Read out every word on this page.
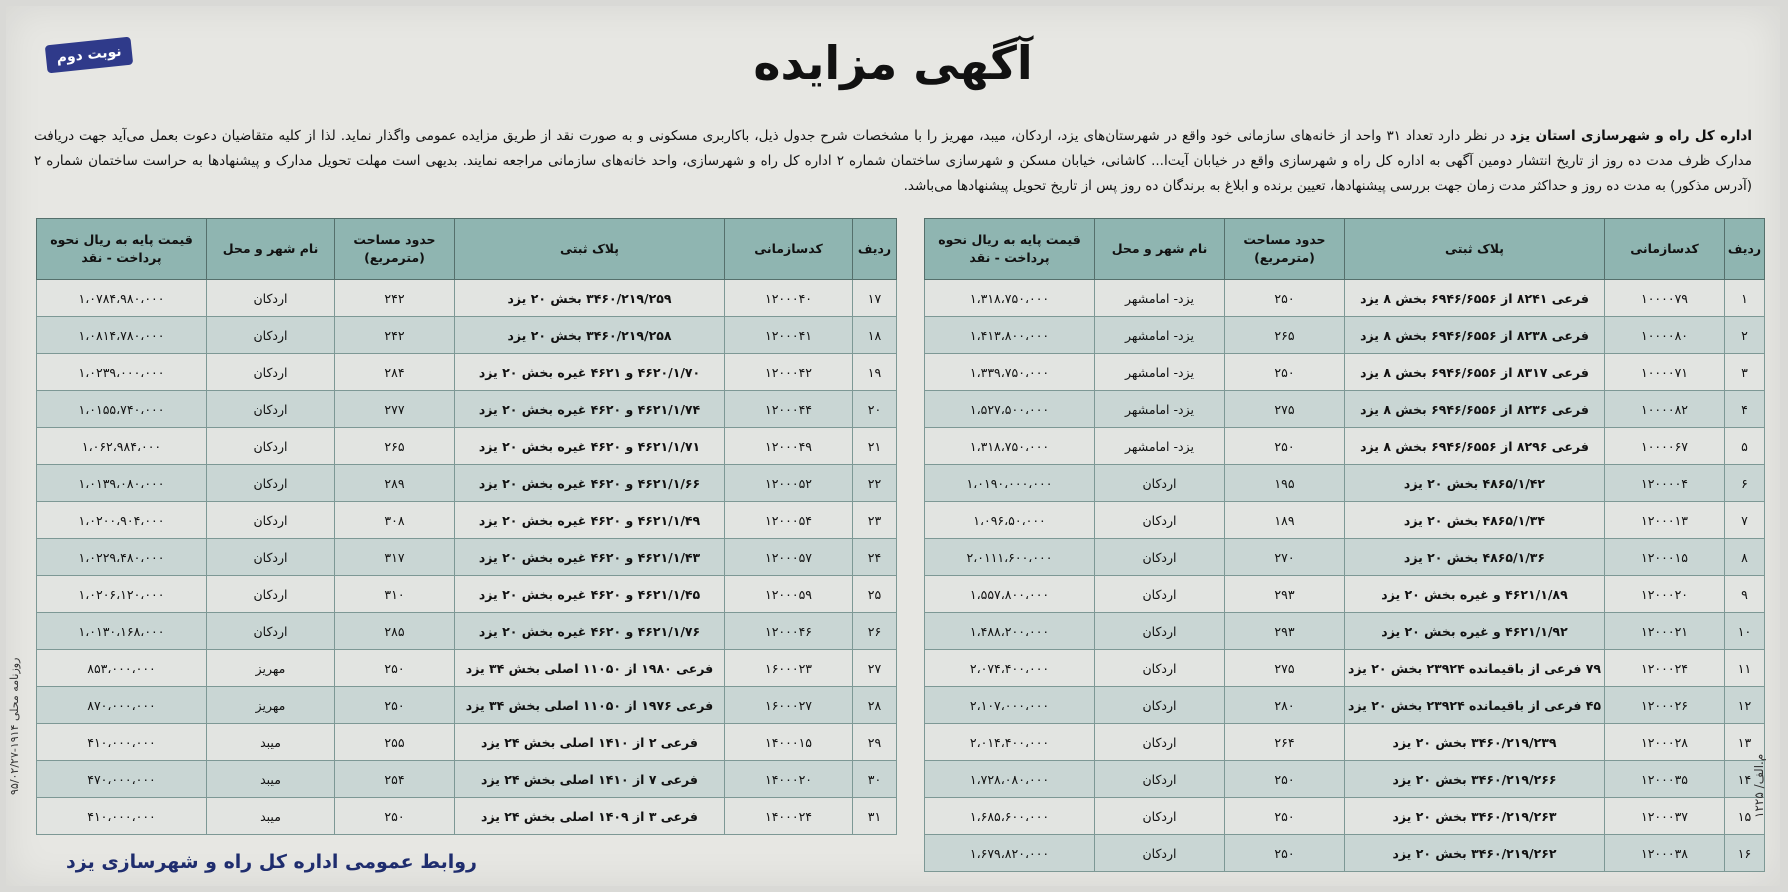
نوبت دوم	آگهی مزایده
اداره کل راه و شهرسازی استان یزد در نظر دارد تعداد ۳۱ واحد از خانه‌های سازمانی خود واقع در شهرستان‌های یزد، اردکان، میبد، مهریز را با مشخصات شرح جدول ذیل، باکاربری مسکونی و به صورت نقد از طریق مزایده عمومی واگذار نماید. لذا از کلیه متقاضیان دعوت بعمل می‌آید جهت دریافت مدارک ظرف مدت ده روز از تاریخ انتشار دومین آگهی به اداره کل راه و شهرسازی واقع در خیابان آیت‌ا... کاشانی، خیابان مسکن و شهرسازی ساختمان شماره ۲ اداره کل راه و شهرسازی، واحد خانه‌های سازمانی مراجعه نمایند. بدیهی است مهلت تحویل مدارک و پیشنهادها به حراست ساختمان شماره ۲ (آدرس مذکور) به مدت ده روز و حداکثر مدت زمان جهت بررسی پیشنهادها، تعیین برنده و ابلاغ به برندگان ده روز پس از تاریخ تحویل پیشنهادها می‌باشد.
ردیف	کدسازمانی	پلاک ثبتی	حدود مساحت (مترمربع)	نام شهر و محل	قیمت پایه به ریال نحوه پرداخت - نقد
۱	۱۰۰۰۰۷۹	فرعی ۸۲۴۱ از ۶۹۴۶/۶۵۵۶ بخش ۸ یزد	۲۵۰	یزد- امامشهر	۱،۳۱۸،۷۵۰،۰۰۰
۲	۱۰۰۰۰۸۰	فرعی ۸۲۳۸ از ۶۹۴۶/۶۵۵۶ بخش ۸ یزد	۲۶۵	یزد- امامشهر	۱،۴۱۳،۸۰۰،۰۰۰
۳	۱۰۰۰۰۷۱	فرعی ۸۳۱۷ از ۶۹۴۶/۶۵۵۶ بخش ۸ یزد	۲۵۰	یزد- امامشهر	۱،۳۳۹،۷۵۰،۰۰۰
۴	۱۰۰۰۰۸۲	فرعی ۸۲۳۶ از ۶۹۴۶/۶۵۵۶ بخش ۸ یزد	۲۷۵	یزد- امامشهر	۱،۵۲۷،۵۰۰،۰۰۰
۵	۱۰۰۰۰۶۷	فرعی ۸۲۹۶ از ۶۹۴۶/۶۵۵۶ بخش ۸ یزد	۲۵۰	یزد- امامشهر	۱،۳۱۸،۷۵۰،۰۰۰
۶	۱۲۰۰۰۰۴	۴۸۶۵/۱/۴۲ بخش ۲۰ یزد	۱۹۵	اردکان	۱،۰۱۹۰،۰۰۰،۰۰۰
۷	۱۲۰۰۰۱۳	۴۸۶۵/۱/۳۴ بخش ۲۰ یزد	۱۸۹	اردکان	۱،۰۹۶،۵۰،۰۰۰
۸	۱۲۰۰۰۱۵	۴۸۶۵/۱/۳۶ بخش ۲۰ یزد	۲۷۰	اردکان	۲،۰۱۱۱،۶۰۰،۰۰۰
۹	۱۲۰۰۰۲۰	۴۶۲۱/۱/۸۹ و غیره بخش ۲۰ یزد	۲۹۳	اردکان	۱،۵۵۷،۸۰۰،۰۰۰
۱۰	۱۲۰۰۰۲۱	۴۶۲۱/۱/۹۲ و غیره بخش ۲۰ یزد	۲۹۳	اردکان	۱،۴۸۸،۲۰۰،۰۰۰
۱۱	۱۲۰۰۰۲۴	۷۹ فرعی از باقیمانده ۲۳۹۲۴ بخش ۲۰ یزد	۲۷۵	اردکان	۲،۰۷۴،۴۰۰،۰۰۰
۱۲	۱۲۰۰۰۲۶	۴۵ فرعی از باقیمانده ۲۳۹۲۴ بخش ۲۰ یزد	۲۸۰	اردکان	۲،۱۰۷،۰۰۰،۰۰۰
۱۳	۱۲۰۰۰۲۸	۳۴۶۰/۲۱۹/۲۳۹ بخش ۲۰ یزد	۲۶۴	اردکان	۲،۰۱۴،۴۰۰،۰۰۰
۱۴	۱۲۰۰۰۳۵	۳۴۶۰/۲۱۹/۲۶۶ بخش ۲۰ یزد	۲۵۰	اردکان	۱،۷۲۸،۰۸۰،۰۰۰
۱۵	۱۲۰۰۰۳۷	۳۴۶۰/۲۱۹/۲۶۳ بخش ۲۰ یزد	۲۵۰	اردکان	۱،۶۸۵،۶۰۰،۰۰۰
۱۶	۱۲۰۰۰۳۸	۳۴۶۰/۲۱۹/۲۶۲ بخش ۲۰ یزد	۲۵۰	اردکان	۱،۶۷۹،۸۲۰،۰۰۰
ردیف	کدسازمانی	پلاک ثبتی	حدود مساحت (مترمربع)	نام شهر و محل	قیمت پایه به ریال نحوه پرداخت - نقد
۱۷	۱۲۰۰۰۴۰	۳۴۶۰/۲۱۹/۲۵۹ بخش ۲۰ یزد	۲۴۲	اردکان	۱،۰۷۸۴،۹۸۰،۰۰۰
۱۸	۱۲۰۰۰۴۱	۳۴۶۰/۲۱۹/۲۵۸ بخش ۲۰ یزد	۲۴۲	اردکان	۱،۰۸۱۴،۷۸۰،۰۰۰
۱۹	۱۲۰۰۰۴۲	۴۶۲۰/۱/۷۰ و ۴۶۲۱ غیره بخش ۲۰ یزد	۲۸۴	اردکان	۱،۰۲۳۹،۰۰۰،۰۰۰
۲۰	۱۲۰۰۰۴۴	۴۶۲۱/۱/۷۴ و ۴۶۲۰ غیره بخش ۲۰ یزد	۲۷۷	اردکان	۱،۰۱۵۵،۷۴۰،۰۰۰
۲۱	۱۲۰۰۰۴۹	۴۶۲۱/۱/۷۱ و ۴۶۲۰ غیره بخش ۲۰ یزد	۲۶۵	اردکان	۱،۰۶۲،۹۸۴،۰۰۰
۲۲	۱۲۰۰۰۵۲	۴۶۲۱/۱/۶۶ و ۴۶۲۰ غیره بخش ۲۰ یزد	۲۸۹	اردکان	۱،۰۱۳۹،۰۸۰،۰۰۰
۲۳	۱۲۰۰۰۵۴	۴۶۲۱/۱/۴۹ و ۴۶۲۰ غیره بخش ۲۰ یزد	۳۰۸	اردکان	۱،۰۲۰۰،۹۰۴،۰۰۰
۲۴	۱۲۰۰۰۵۷	۴۶۲۱/۱/۴۳ و ۴۶۲۰ غیره بخش ۲۰ یزد	۳۱۷	اردکان	۱،۰۲۲۹،۴۸۰،۰۰۰
۲۵	۱۲۰۰۰۵۹	۴۶۲۱/۱/۴۵ و ۴۶۲۰ غیره بخش ۲۰ یزد	۳۱۰	اردکان	۱،۰۲۰۶،۱۲۰،۰۰۰
۲۶	۱۲۰۰۰۴۶	۴۶۲۱/۱/۷۶ و ۴۶۲۰ غیره بخش ۲۰ یزد	۲۸۵	اردکان	۱،۰۱۳۰،۱۶۸،۰۰۰
۲۷	۱۶۰۰۰۲۳	فرعی ۱۹۸۰ از ۱۱۰۵۰ اصلی بخش ۳۴ یزد	۲۵۰	مهریز	۸۵۳،۰۰۰،۰۰۰
۲۸	۱۶۰۰۰۲۷	فرعی ۱۹۷۶ از ۱۱۰۵۰ اصلی بخش ۳۴ یزد	۲۵۰	مهریز	۸۷۰،۰۰۰،۰۰۰
۲۹	۱۴۰۰۰۱۵	فرعی ۲ از ۱۴۱۰ اصلی بخش ۲۴ یزد	۲۵۵	میبد	۴۱۰،۰۰۰،۰۰۰
۳۰	۱۴۰۰۰۲۰	فرعی ۷ از ۱۴۱۰ اصلی بخش ۲۴ یزد	۲۵۴	میبد	۴۷۰،۰۰۰،۰۰۰
۳۱	۱۴۰۰۰۲۴	فرعی ۳ از ۱۴۰۹ اصلی بخش ۲۴ یزد	۲۵۰	میبد	۴۱۰،۰۰۰،۰۰۰
روابط عمومی اداره کل راه و شهرسازی یزد
روزنامه محلی ۱۹۱۴-۹۵/۰۲/۲۷
م.الف/ ۱۲۲۵
